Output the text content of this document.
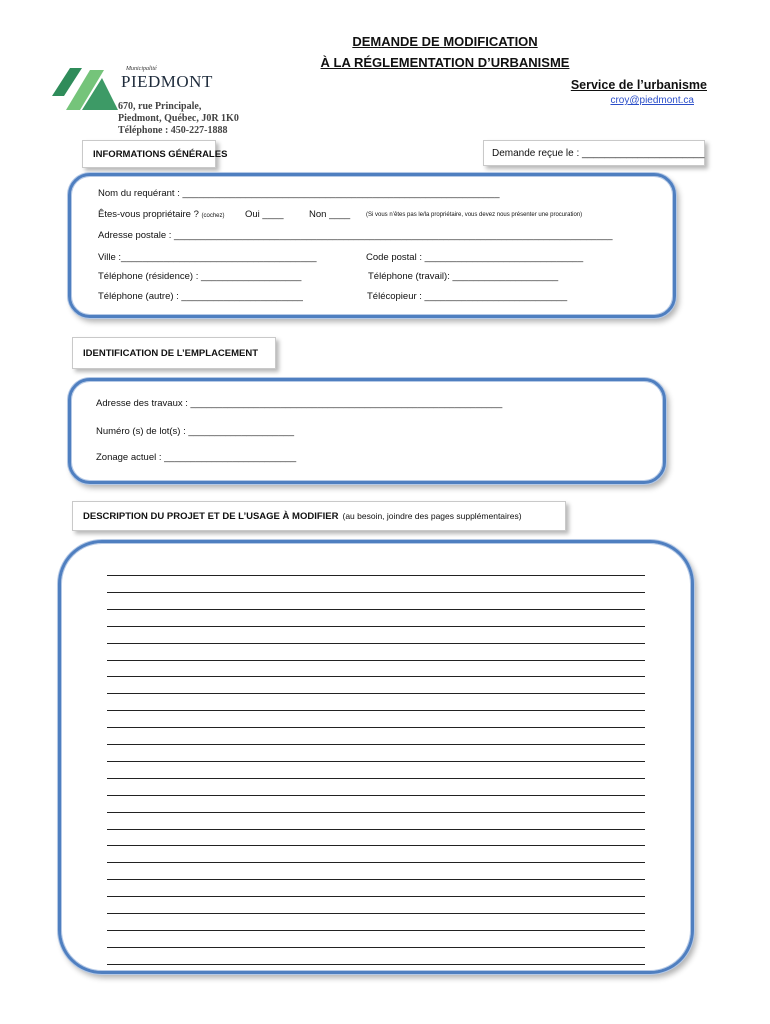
Municipalité
PIEDMONT
670, rue Principale,
Piedmont, Québec, J0R 1K0
Téléphone : 450-227-1888
DEMANDE DE MODIFICATION
À LA RÉGLEMENTATION D’URBANISME
Service de l’urbanisme
croy@piedmont.ca
INFORMATIONS GÉNÉRALES	Demande reçue le : ______________________
Nom du requérant : ____________________________________________________________
Êtes-vous propriétaire ? (cochez) Oui ____	Non ____	(Si vous n’êtes pas le/la propriétaire, vous devez nous présenter une procuration)
Adresse postale : ___________________________________________________________________________________
Ville :_____________________________________	Code postal : ______________________________
Téléphone (résidence) : ___________________	Téléphone (travail): ____________________
Téléphone (autre) : _______________________	Télécopieur : ___________________________
IDENTIFICATION DE L’EMPLACEMENT
Adresse des travaux : ___________________________________________________________
Numéro (s) de lot(s) : ____________________
Zonage actuel : _________________________
DESCRIPTION DU PROJET ET DE L’USAGE À MODIFIER (au besoin, joindre des pages supplémentaires)
